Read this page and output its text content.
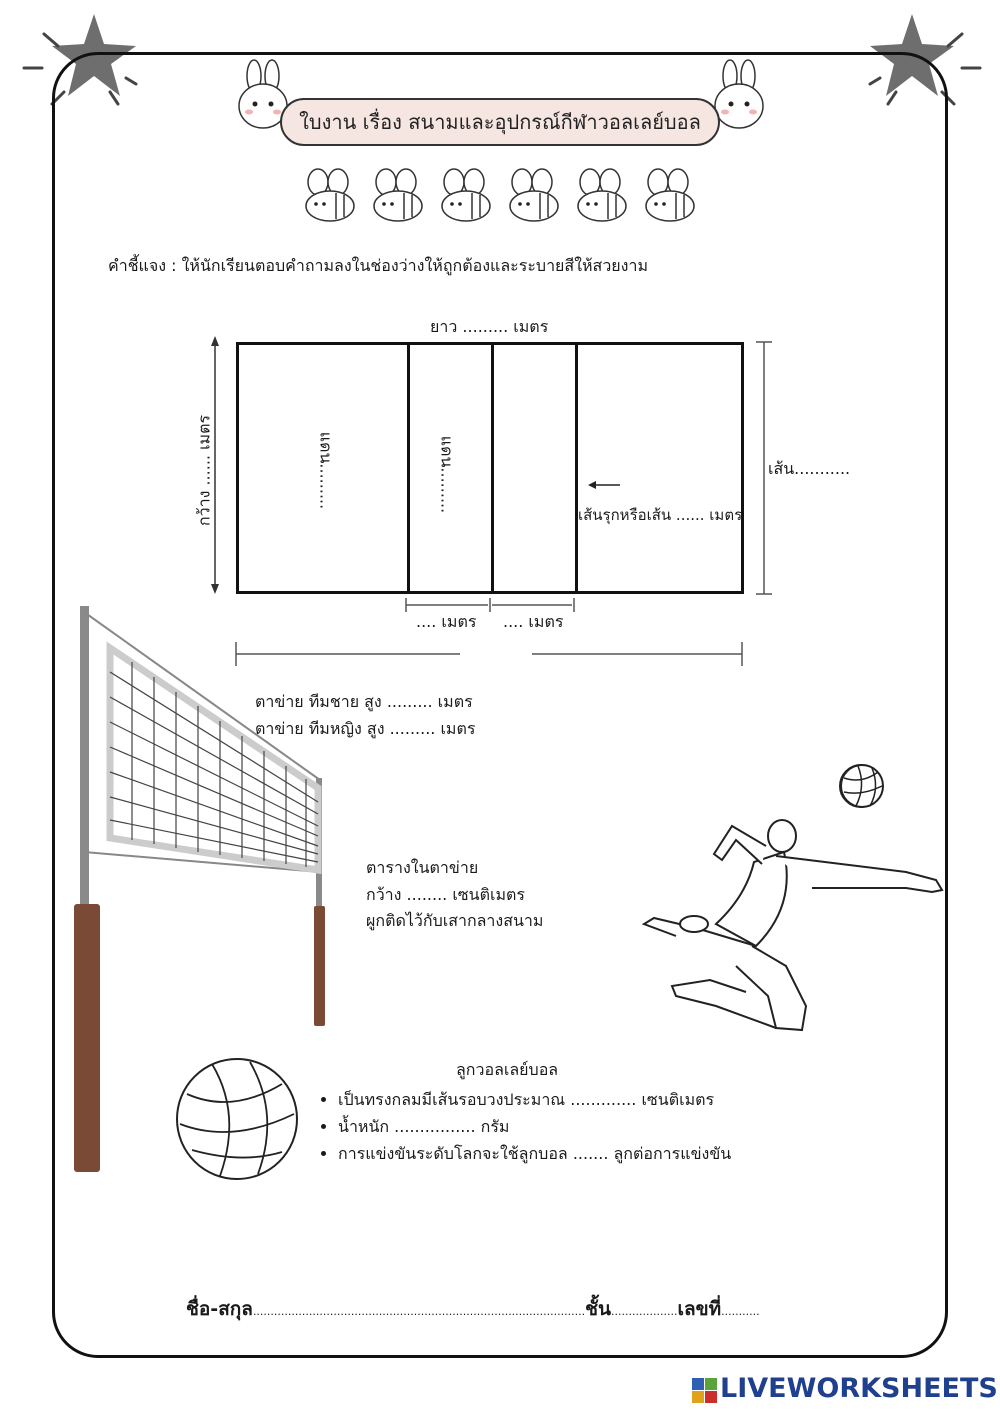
ใบงาน เรื่อง สนามและอุปกรณ์กีฬาวอลเลย์บอล
คำชี้แจง : ให้นักเรียนตอบคำถามลงในช่องว่างให้ถูกต้องและระบายสีให้สวยงาม
ยาว ......... เมตร
กว้าง ...... เมตร	แดน.........	แดน.........
เส้นรุกหรือเส้น ...... เมตร
เส้น...........
.... เมตร .... เมตร
ตาข่าย ทีมชาย สูง ......... เมตร
ตาข่าย ทีมหญิง สูง ......... เมตร
ตารางในตาข่าย
กว้าง ........ เซนติเมตร
ผูกติดไว้กับเสากลางสนาม
ลูกวอลเลย์บอล
• เป็นทรงกลมมีเส้นรอบวงประมาณ ............. เซนติเมตร
• น้ำหนัก ................ กรัม
• การแข่งขันระดับโลกจะใช้ลูกบอล ....... ลูกต่อการแข่งขัน
ชื่อ-สกุล...............................................................................................ชั้น...................เลขที่...........
LIVEWORKSHEETS
